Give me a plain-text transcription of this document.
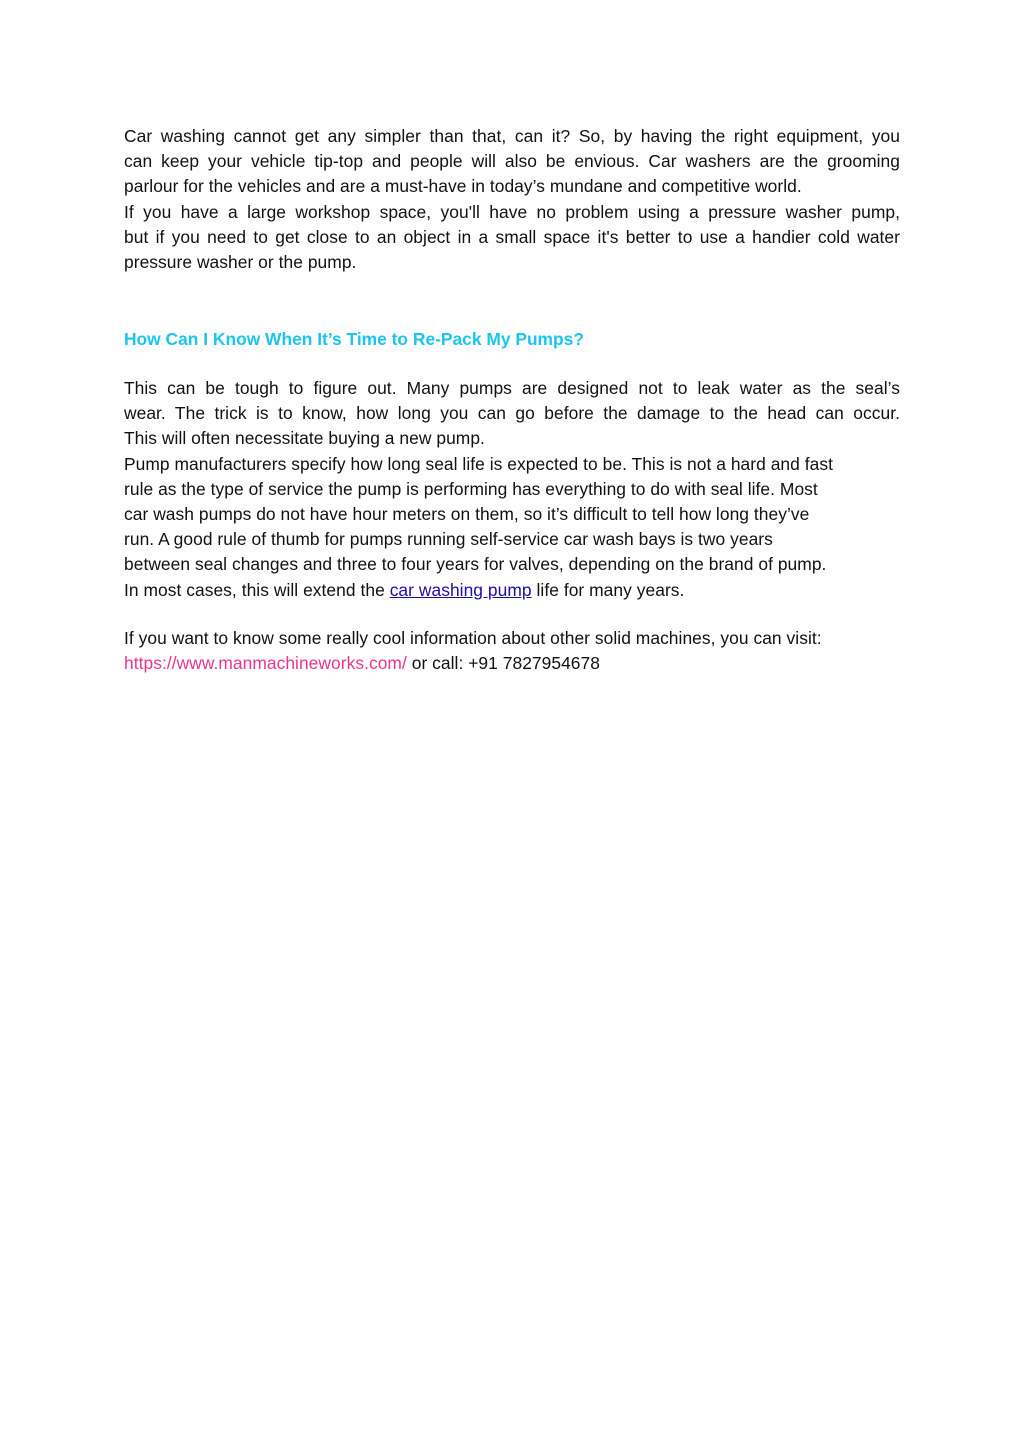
Car washing cannot get any simpler than that, can it? So, by having the right equipment, you
can keep your vehicle tip-top and people will also be envious. Car washers are the grooming
parlour for the vehicles and are a must-have in today’s mundane and competitive world.
If you have a large workshop space, you'll have no problem using a pressure washer pump,
but if you need to get close to an object in a small space it's better to use a handier cold water
pressure washer or the pump.
How Can I Know When It’s Time to Re-Pack My Pumps?
This can be tough to figure out. Many pumps are designed not to leak water as the seal’s
wear. The trick is to know, how long you can go before the damage to the head can occur.
This will often necessitate buying a new pump.
Pump manufacturers specify how long seal life is expected to be. This is not a hard and fast
rule as the type of service the pump is performing has everything to do with seal life. Most
car wash pumps do not have hour meters on them, so it’s difficult to tell how long they’ve
run. A good rule of thumb for pumps running self-service car wash bays is two years
between seal changes and three to four years for valves, depending on the brand of pump.
In most cases, this will extend the car washing pump life for many years.
If you want to know some really cool information about other solid machines, you can visit:
https://www.manmachineworks.com/ or call: +91 7827954678
